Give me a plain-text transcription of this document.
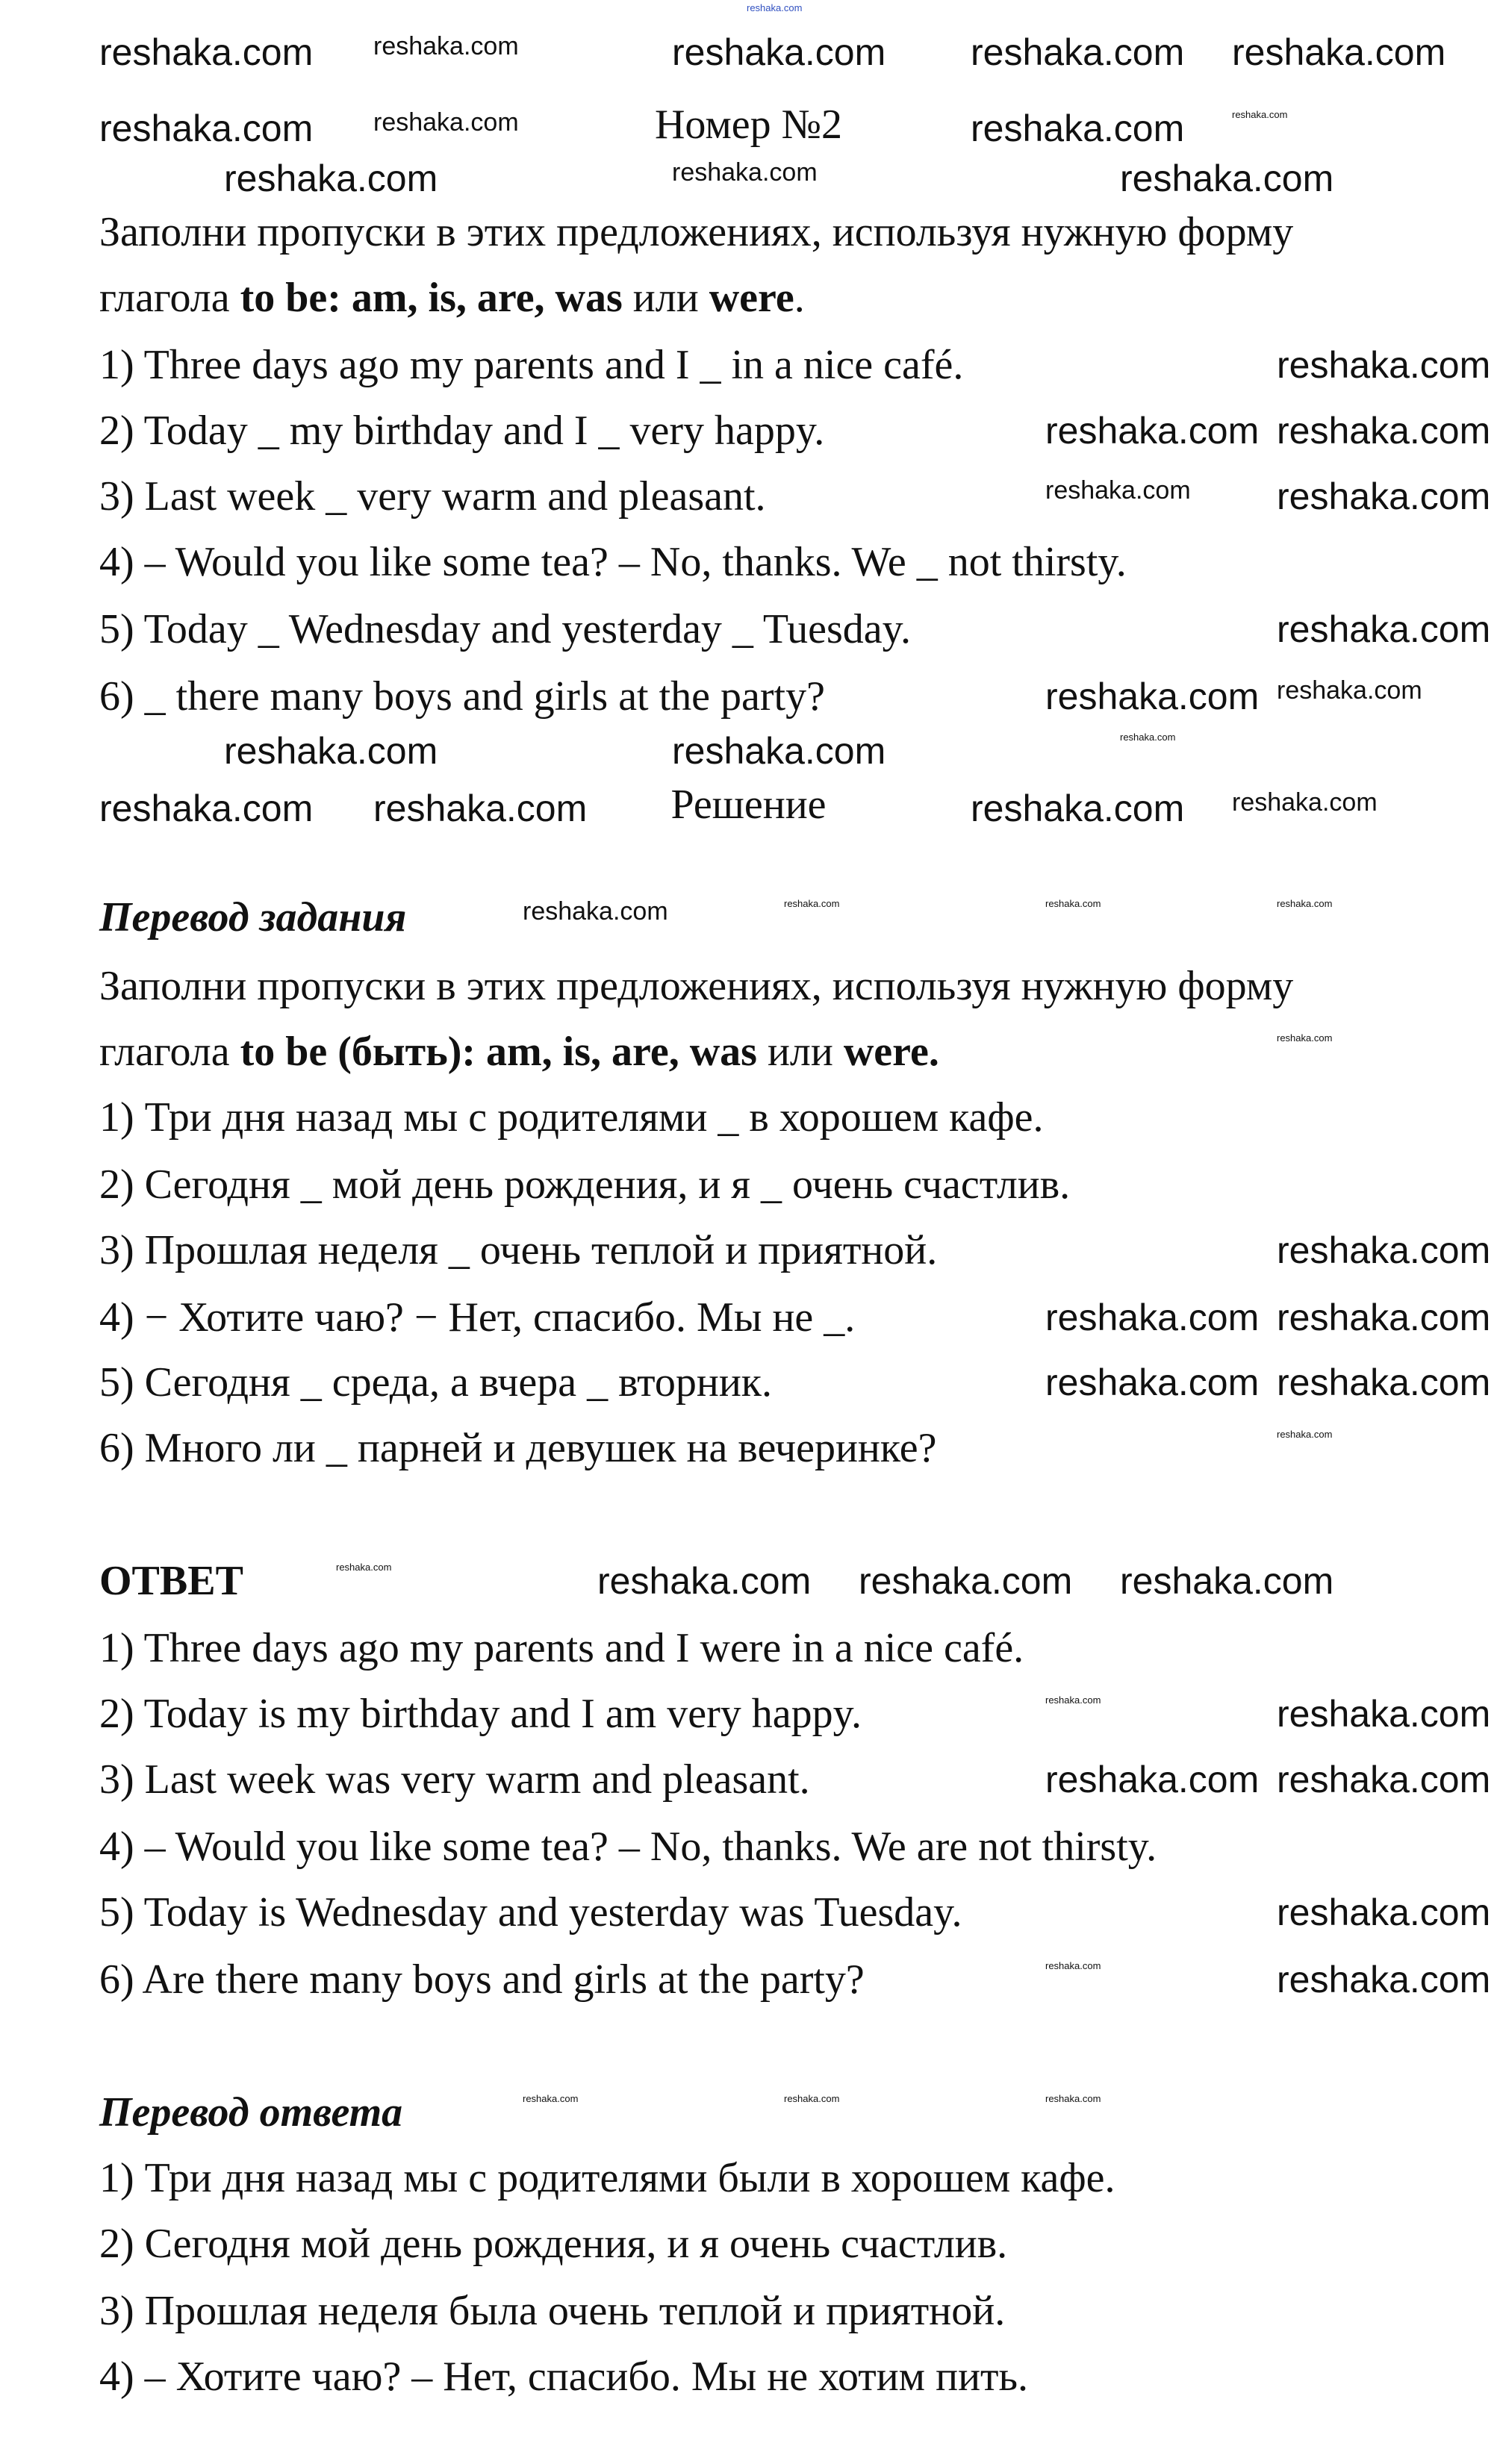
Номер №2
Заполни пропуски в этих предложениях, используя нужную форму
глагола to be: am, is, are, was или were.
1) Three days ago my parents and I _ in a nice café.
2) Today _ my birthday and I _ very happy.
3) Last week _ very warm and pleasant.
4) – Would you like some tea? – No, thanks. We _ not thirsty.
5) Today _ Wednesday and yesterday _ Tuesday.
6) _ there many boys and girls at the party?
Решение
Перевод задания
Заполни пропуски в этих предложениях, используя нужную форму
глагола to be (быть): am, is, are, was или were.
1) Три дня назад мы с родителями _ в хорошем кафе.
2) Сегодня _ мой день рождения, и я _ очень счастлив.
3) Прошлая неделя _ очень теплой и приятной.
4) − Хотите чаю? − Нет, спасибо. Мы не _.
5) Сегодня _ среда, а вчера _ вторник.
6) Много ли _ парней и девушек на вечеринке?
ОТВЕТ
1) Three days ago my parents and I were in a nice café.
2) Today is my birthday and I am very happy.
3) Last week was very warm and pleasant.
4) – Would you like some tea? – No, thanks. We are not thirsty.
5) Today is Wednesday and yesterday was Tuesday.
6) Are there many boys and girls at the party?
Перевод ответа
1) Три дня назад мы с родителями были в хорошем кафе.
2) Сегодня мой день рождения, и я очень счастлив.
3) Прошлая неделя была очень теплой и приятной.
4) – Хотите чаю? – Нет, спасибо. Мы не хотим пить.
reshaka.com
reshaka.com reshaka.com	reshaka.com reshaka.com reshaka.com
reshaka.com reshaka.com	reshaka.com	reshaka.com
reshaka.com	reshaka.com	reshaka.com
reshaka.com
reshaka.com reshaka.com
reshaka.com reshaka.com
reshaka.com
reshaka.com reshaka.com
reshaka.com	reshaka.com	reshaka.com
reshaka.com reshaka.com	reshaka.com reshaka.com
reshaka.com	reshaka.com	reshaka.com	reshaka.com
reshaka.com
reshaka.com
reshaka.com reshaka.com
reshaka.com reshaka.com
reshaka.com
reshaka.com	reshaka.com reshaka.com reshaka.com
reshaka.com	reshaka.com
reshaka.com reshaka.com
reshaka.com
reshaka.com	reshaka.com
reshaka.com	reshaka.com	reshaka.com
